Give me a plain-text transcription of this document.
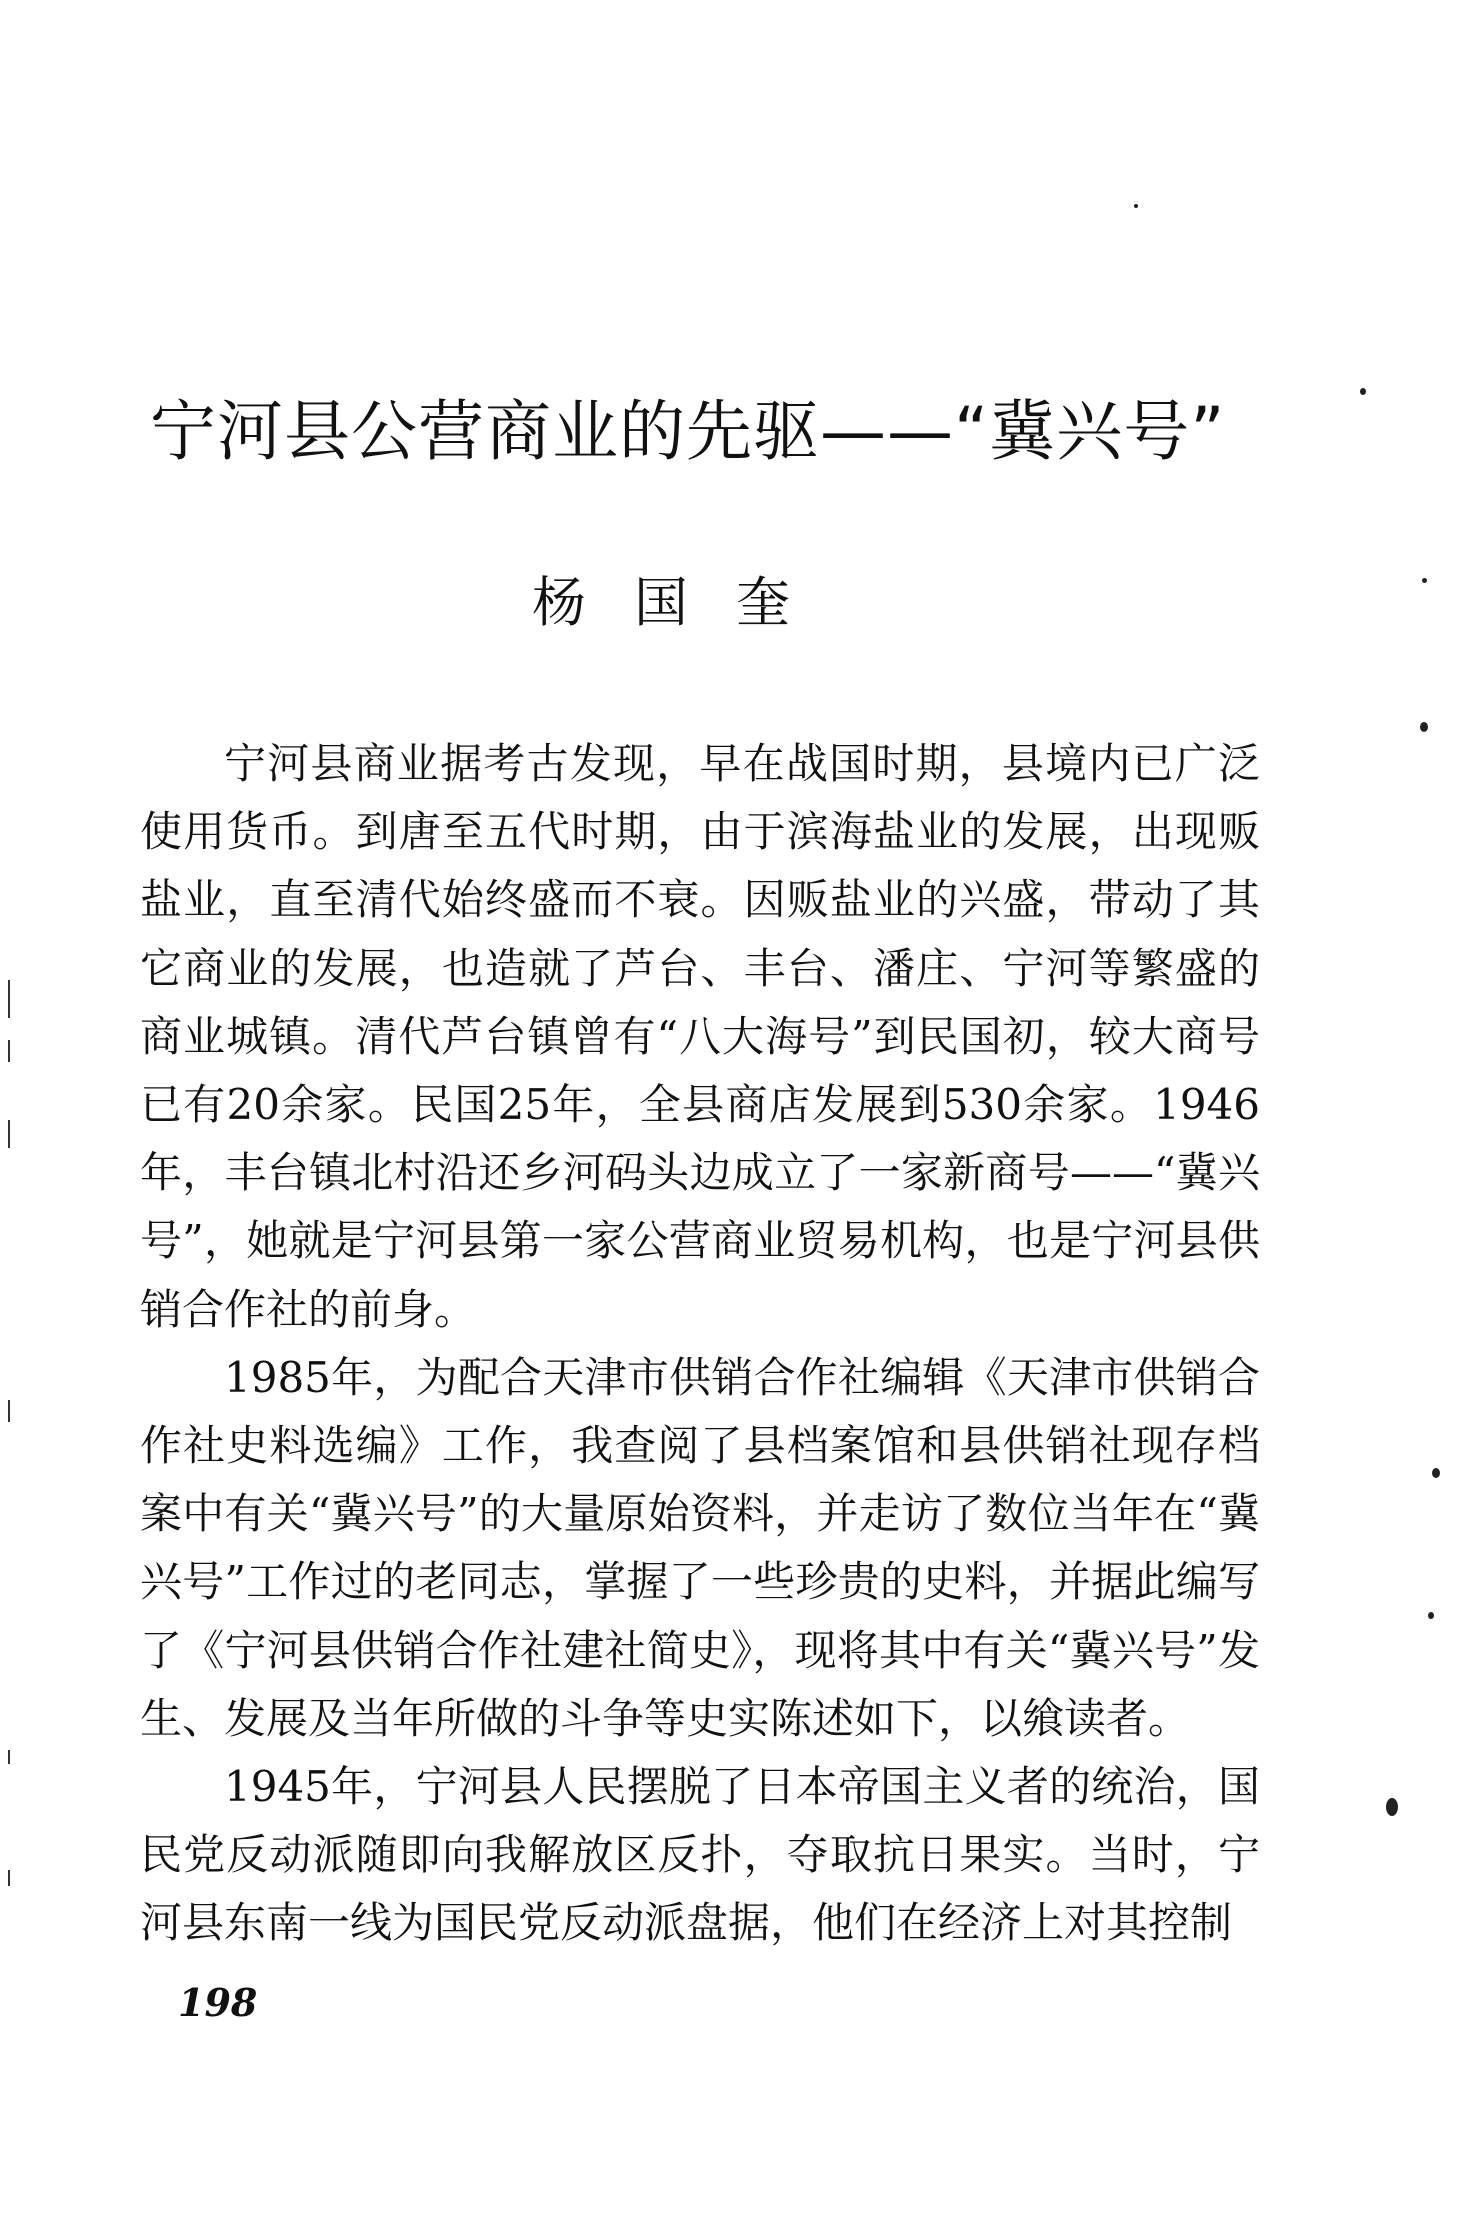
宁河县公营商业的先驱——“冀兴号”
杨国奎

宁河县商业据考古发现，早在战国时期，县境内已广泛使用货币。到唐至五代时期，由于滨海盐业的发展，出现贩盐业，直至清代始终盛而不衰。因贩盐业的兴盛，带动了其它商业的发展，也造就了芦台、丰台、潘庄、宁河等繁盛的商业城镇。清代芦台镇曾有“八大海号”到民国初，较大商号已有20余家。民国25年，全县商店发展到530余家。1946年，丰台镇北村沿还乡河码头边成立了一家新商号——“冀兴号”，她就是宁河县第一家公营商业贸易机构，也是宁河县供销合作社的前身。

1985年，为配合天津市供销合作社编辑《天津市供销合作社史料选编》工作，我查阅了县档案馆和县供销社现存档案中有关“冀兴号”的大量原始资料，并走访了数位当年在“冀兴号”工作过的老同志，掌握了一些珍贵的史料，并据此编写了《宁河县供销合作社建社简史》，现将其中有关“冀兴号”发生、发展及当年所做的斗争等史实陈述如下，以飨读者。

1945年，宁河县人民摆脱了日本帝国主义者的统治，国民党反动派随即向我解放区反扑，夺取抗日果实。当时，宁河县东南一线为国民党反动派盘据，他们在经济上对其控制

198
